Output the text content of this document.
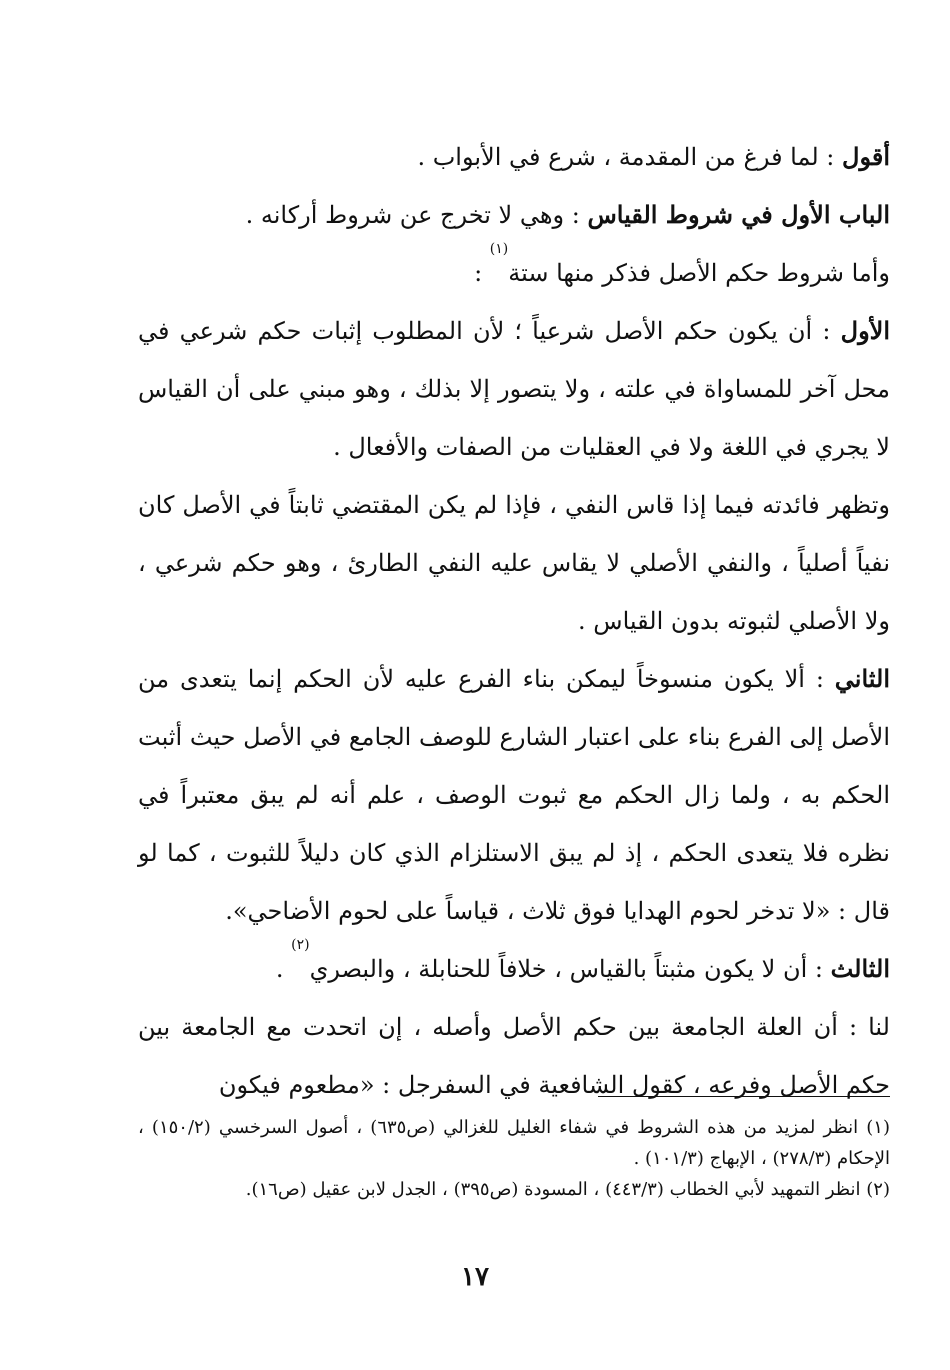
أقول : لما فرغ من المقدمة ، شرع في الأبواب .

الباب الأول في شروط القياس : وهي لا تخرج عن شروط أركانه .

وأما شروط حكم الأصل فذكر منها ستة$^{(١)}$ :

الأول : أن يكون حكم الأصل شرعياً ؛ لأن المطلوب إثبات حكم شرعي في محل آخر للمساواة في علته ، ولا يتصور إلا بذلك ، وهو مبني على أن القياس لا يجري في اللغة ولا في العقليات من الصفات والأفعال .

وتظهر فائدته فيما إذا قاس النفي ، فإذا لم يكن المقتضي ثابتاً في الأصل كان نفياً أصلياً ، والنفي الأصلي لا يقاس عليه النفي الطارئ ، وهو حكم شرعي ، ولا الأصلي لثبوته بدون القياس .

الثاني : ألا يكون منسوخاً ليمكن بناء الفرع عليه لأن الحكم إنما يتعدى من الأصل إلى الفرع بناء على اعتبار الشارع للوصف الجامع في الأصل حيث أثبت الحكم به ، ولما زال الحكم مع ثبوت الوصف ، علم أنه لم يبق معتبراً في نظره فلا يتعدى الحكم ، إذ لم يبق الاستلزام الذي كان دليلاً للثبوت ، كما لو قال : «لا تدخر لحوم الهدايا فوق ثلاث ، قياساً على لحوم الأضاحي».

الثالث : أن لا يكون مثبتاً بالقياس ، خلافاً للحنابلة ، والبصري$^{(٢)}$ .

لنا : أن العلة الجامعة بين حكم الأصل وأصله ، إن اتحدت مع الجامعة بين حكم الأصل وفرعه ، كقول الشافعية في السفرجل : «مطعوم فيكون

(١) انظر لمزيد من هذه الشروط في شفاء الغليل للغزالي (ص٦٣٥) ، أصول السرخسي (١٥٠/٢) ، الإحكام (٢٧٨/٣) ، الإبهاج (١٠١/٣) .

(٢) انظر التمهيد لأبي الخطاب (٤٤٣/٣) ، المسودة (ص٣٩٥) ، الجدل لابن عقيل (ص١٦).

١٧
